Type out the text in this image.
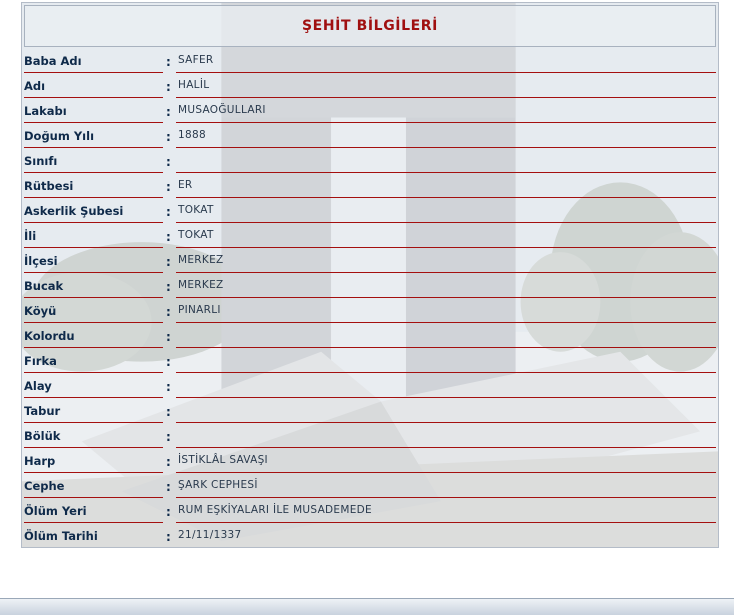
ŞEHİT BİLGİLERİ
Baba Adı	: SAFER
Adı	: HALİL
Lakabı	: MUSAOĞULLARI
Doğum Yılı	: 1888
Sınıfı	:
Rütbesi	: ER
Askerlik Şubesi	: TOKAT
İli	: TOKAT
İlçesi	: MERKEZ
Bucak	: MERKEZ
Köyü	: PINARLI
Kolordu	:
Fırka	:
Alay	:
Tabur	:
Bölük	:
Harp	: İSTİKLÂL SAVAŞI
Cephe	: ŞARK CEPHESİ
Ölüm Yeri	: RUM EŞKİYALARI İLE MUSADEMEDE
Ölüm Tarihi	: 21/11/1337
